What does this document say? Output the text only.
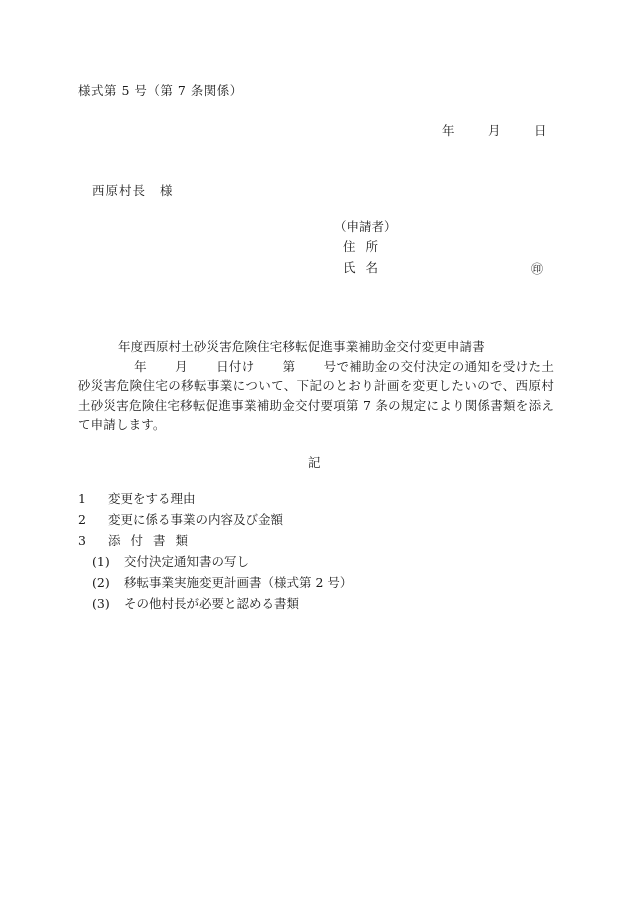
様式第 5 号（第 7 条関係）
年	月	日
西原村長 様
（申請者）
住所
氏名	㊞
年度西原村土砂災害危険住宅移転促進事業補助金交付変更申請書
年 月 日付け 第 号で補助金の交付決定の通知を受けた土砂災害危険住宅の移転事業について、下記のとおり計画を変更したいので、西原村土砂災害危険住宅移転促進事業補助金交付要項第 7 条の規定により関係書類を添えて申請します。
記
1 変更をする理由
2 変更に係る事業の内容及び金額
3 添付書類
(1) 交付決定通知書の写し
(2) 移転事業実施変更計画書（様式第 2 号）
(3) その他村長が必要と認める書類
